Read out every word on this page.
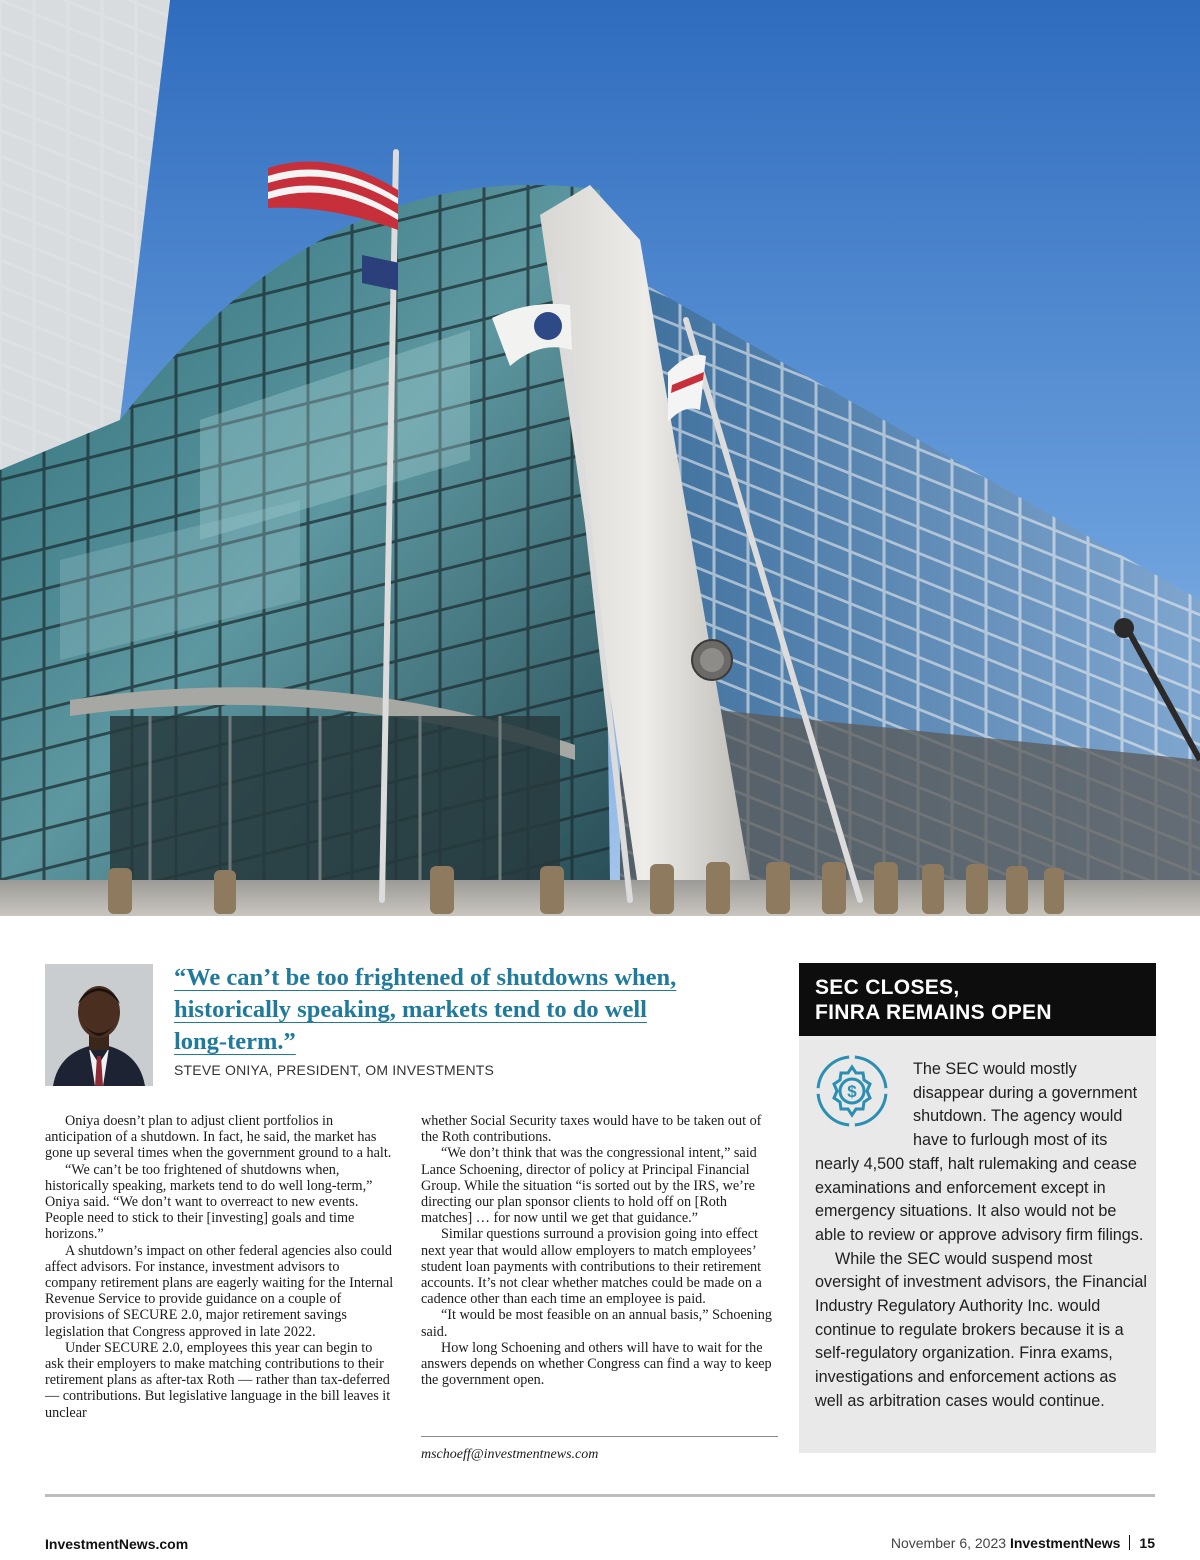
“We can’t be too frightened of shutdowns when,
historically speaking, markets tend to do well
long-term.”
STEVE ONIYA, PRESIDENT, OM INVESTMENTS

Oniya doesn’t plan to adjust client portfolios in anticipation of a shutdown. In fact, he said, the market has gone up several times when the government ground to a halt.

“We can’t be too frightened of shutdowns when, historically speaking, markets tend to do well long-term,” Oniya said. “We don’t want to overreact to new events. People need to stick to their [investing] goals and time horizons.”

A shutdown’s impact on other federal agencies also could affect advisors. For instance, investment advisors to company retirement plans are eagerly waiting for the Internal Revenue Service to provide guidance on a couple of provisions of SECURE 2.0, major retirement savings legislation that Congress approved in late 2022.

Under SECURE 2.0, employees this year can begin to ask their employers to make matching contributions to their retirement plans as after-tax Roth — rather than tax-deferred — contributions. But legislative language in the bill leaves it unclear

whether Social Security taxes would have to be taken out of the Roth contributions.

“We don’t think that was the congressional intent,” said Lance Schoening, director of policy at Principal Financial Group. While the situation “is sorted out by the IRS, we’re directing our plan sponsor clients to hold off on [Roth matches] … for now until we get that guidance.”

Similar questions surround a provision going into effect next year that would allow employers to match employees’ student loan payments with contributions to their retirement accounts. It’s not clear whether matches could be made on a cadence other than each time an employee is paid.

“It would be most feasible on an annual basis,” Schoening said.

How long Schoening and others will have to wait for the answers depends on whether Congress can find a way to keep the government open.

mschoeff@investmentnews.com
SEC CLOSES,
FINRA REMAINS OPEN
$

The SEC would mostly disappear during a government shutdown. The agency would have to furlough most of its nearly 4,500 staff, halt rulemaking and cease examinations and enforcement except in emergency situations. It also would not be able to review or approve advisory firm filings.

While the SEC would suspend most oversight of investment advisors, the Financial Industry Regulatory Authority Inc. would continue to regulate brokers because it is a self-regulatory organization. Finra exams, investigations and enforcement actions as well as arbitration cases would continue.

InvestmentNews.com	November 6, 2023 InvestmentNews 15
